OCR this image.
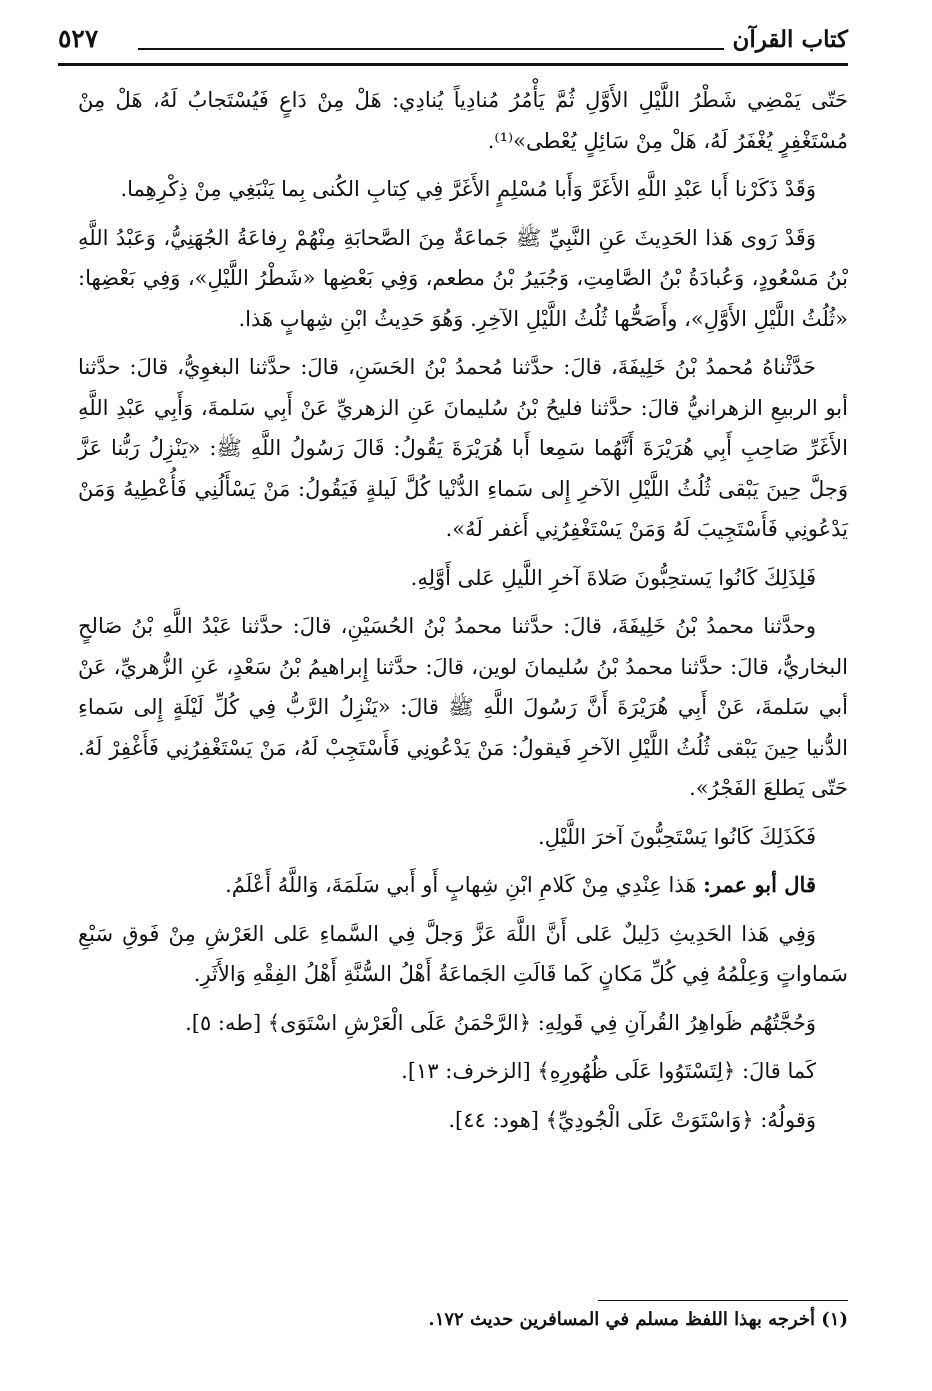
كتاب القرآن
٥٢٧

حَتّى يَمْضِي شَطْرُ اللَّيْلِ الأَوَّلِ ثُمَّ يَأْمُرُ مُنادِياً يُنادِي: هَلْ مِنْ دَاعٍ فَيُسْتَجابُ لَهُ، هَلْ مِنْ مُسْتَغْفِرٍ يُغْفَرُ لَهُ، هَلْ مِنْ سَائِلٍ يُعْطى»⁽¹⁾.

وَقَدْ ذَكَرْنا أَبا عَبْدِ اللَّهِ الأَغَرَّ وَأَبا مُسْلِمٍ الأَغَرَّ فِي كِتابِ الكُنى بِما يَنْبَغِي مِنْ ذِكْرِهِما.

وَقَدْ رَوى هَذا الحَدِيثَ عَنِ النَّبِيِّ ﷺ جَماعَةٌ مِنَ الصَّحابَةِ مِنْهُمْ رِفاعَةُ الجُهَنِيُّ، وَعَبْدُ اللَّهِ بْنُ مَسْعُودٍ، وَعُبادَةُ بْنُ الصَّامِتِ، وَجُبَيرُ بْنُ مطعم، وَفِي بَعْضِها «شَطْرُ اللَّيْلِ»، وَفِي بَعْضِها: «ثُلُثُ اللَّيْلِ الأَوَّلِ»، وأَصَحُّها ثُلُثُ اللَّيْلِ الآخِرِ. وَهُوَ حَدِيثُ ابْنِ شِهابٍ هَذا.

حَدَّثْناهُ مُحمدُ بْنُ خَلِيفَةَ، قالَ: حدَّثنا مُحمدُ بْنُ الحَسَنِ، قالَ: حدَّثنا البغوِيُّ، قالَ: حدَّثنا أبو الربيعِ الزهرانيُّ قالَ: حدَّثنا فليحُ بْنُ سُليمانَ عَنِ الزهريِّ عَنْ أَبِي سَلمةَ، وَأَبِي عَبْدِ اللَّهِ الأَغَرِّ صَاحِبِ أَبِي هُرَيْرَةَ أَنَّهُما سَمِعا أَبا هُرَيْرَةَ يَقُولُ: قَالَ رَسُولُ اللَّهِ ﷺ: «يَنْزِلُ رَبُّنا عَزَّ وَجلَّ حِينَ يَبْقى ثُلُثُ اللَّيْلِ الآخرِ إِلى سَماءِ الدُّنْيا كُلَّ لَيلةٍ فَيَقُولُ: مَنْ يَسْأَلُنِي فَأُعْطِيهُ وَمَنْ يَدْعُونِي فَأَسْتَجِيبَ لَهُ وَمَنْ يَسْتَغْفِرُنِي أَغفر لَهُ».

فَلِذَلِكَ كَانُوا يَستحِبُّونَ صَلاةَ آخرِ اللَّيلِ عَلى أَوَّلِهِ.

وحدَّثنا محمدُ بْنُ خَلِيفَةَ، قالَ: حدَّثنا محمدُ بْنُ الحُسَيْنِ، قالَ: حدَّثنا عَبْدُ اللَّهِ بْنُ صَالحٍ البخاريُّ، قالَ: حدَّثنا محمدُ بْنُ سُليمانَ لوين، قالَ: حدَّثنا إِبراهيمُ بْنُ سَعْدٍ، عَنِ الزُّهريِّ، عَنْ أبي سَلمةَ، عَنْ أَبِي هُرَيْرَةَ أَنَّ رَسُولَ اللَّهِ ﷺ قالَ: «يَنْزِلُ الرَّبُّ فِي كُلِّ لَيْلَةٍ إِلى سَماءِ الدُّنيا حِينَ يَبْقى ثُلُثُ اللَّيْلِ الآخرِ فَيقولُ: مَنْ يَدْعُونِي فَأَسْتَجِبْ لَهُ، مَنْ يَسْتَغْفِرُنِي فَأَغْفِرْ لَهُ. حَتّى يَطلعَ الفَجْرُ».

فَكَذَلِكَ كَانُوا يَسْتَحِبُّونَ آخرَ اللَّيْلِ.

قال أبو عمر: هَذا عِنْدِي مِنْ كَلامِ ابْنِ شِهابٍ أَو أَبي سَلَمَةَ، وَاللَّهُ أَعْلَمُ.

وَفِي هَذا الحَدِيثِ دَلِيلٌ عَلى أَنَّ اللَّهَ عَزَّ وَجلَّ فِي السَّماءِ عَلى العَرْشِ مِنْ فَوقِ سَبْعِ سَماواتٍ وَعِلْمُهُ فِي كُلِّ مَكانٍ كَما قَالَتِ الجَماعَةُ أَهْلُ السُّنَّةِ أَهْلُ الفِقْهِ وَالأَثَرِ.

وَحُجَّتُهُم ظَواهِرُ القُرآنِ فِي قَولِهِ: ﴿الرَّحْمَنُ عَلَى الْعَرْشِ اسْتَوَى﴾ [طه: ٥].

كَما قالَ: ﴿لِتَسْتَوُوا عَلَى ظُهُورِهِ﴾ [الزخرف: ١٣].

وَقولُهُ: ﴿وَاسْتَوَتْ عَلَى الْجُودِيِّ﴾ [هود: ٤٤].

(١) أخرجه بهذا اللفظ مسلم في المسافرين حديث ١٧٢.
